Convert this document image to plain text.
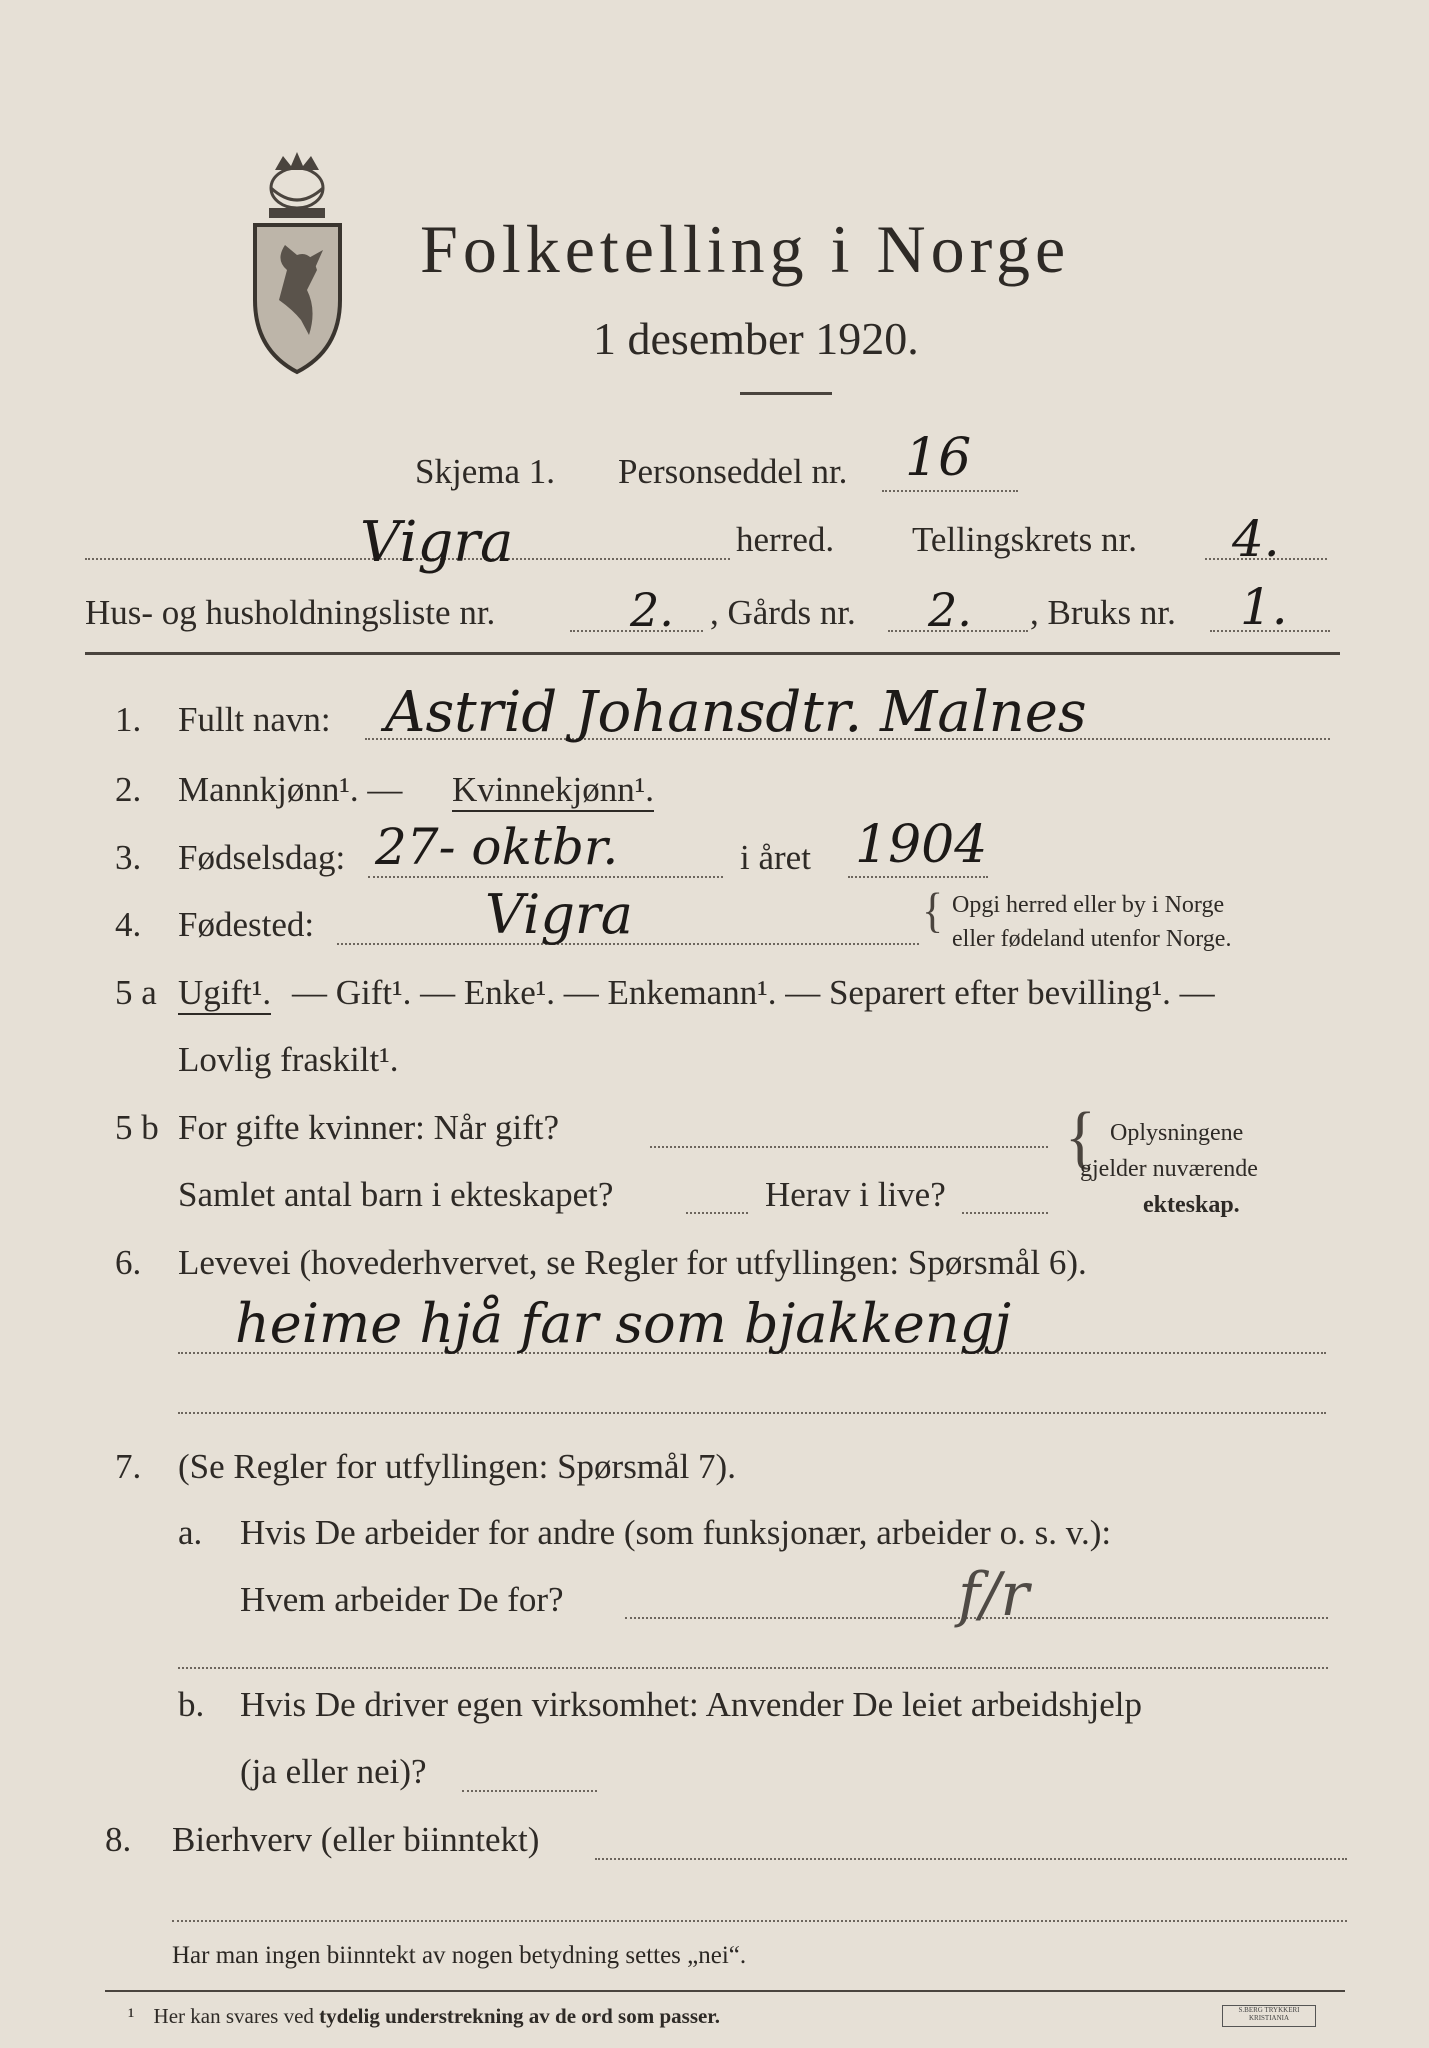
Folketelling i Norge
1 desember 1920.
Skjema 1. Personseddel nr. 16
Vigra	herred. Tellingskrets nr. 4.
Hus- og husholdningsliste nr.	2. , Gårds nr. 2. , Bruks nr. 1.
1. Fullt navn: Astrid Johansdtr. Malnes
2. Mannkjønn¹. — Kvinnekjønn¹.
3. Fødselsdag: 27- oktbr.	i året 1904
4. Fødested:	Vigra	{ Opgi herred eller by i Norge
eller fødeland utenfor Norge.
5 a Ugift¹. — Gift¹. — Enke¹. — Enkemann¹. — Separert efter bevilling¹. —
Lovlig fraskilt¹.
5 b For gifte kvinner: Når gift?
Samlet antal barn i ekteskapet?	Herav i live?
{ Oplysningene
gjelder nuværende
ekteskap.
6. Levevei (hovederhvervet, se Regler for utfyllingen: Spørsmål 6).
heime hjå far som bjakkengj
7. (Se Regler for utfyllingen: Spørsmål 7).
a. Hvis De arbeider for andre (som funksjonær, arbeider o. s. v.):
Hvem arbeider De for?	f/r
b. Hvis De driver egen virksomhet: Anvender De leiet arbeidshjelp
(ja eller nei)?
8. Bierhverv (eller biinntekt)
Har man ingen biinntekt av nogen betydning settes „nei“.
¹ Her kan svares ved tydelig understrekning av de ord som passer.	S.BERG TRYKKERI
KRISTIANIA
